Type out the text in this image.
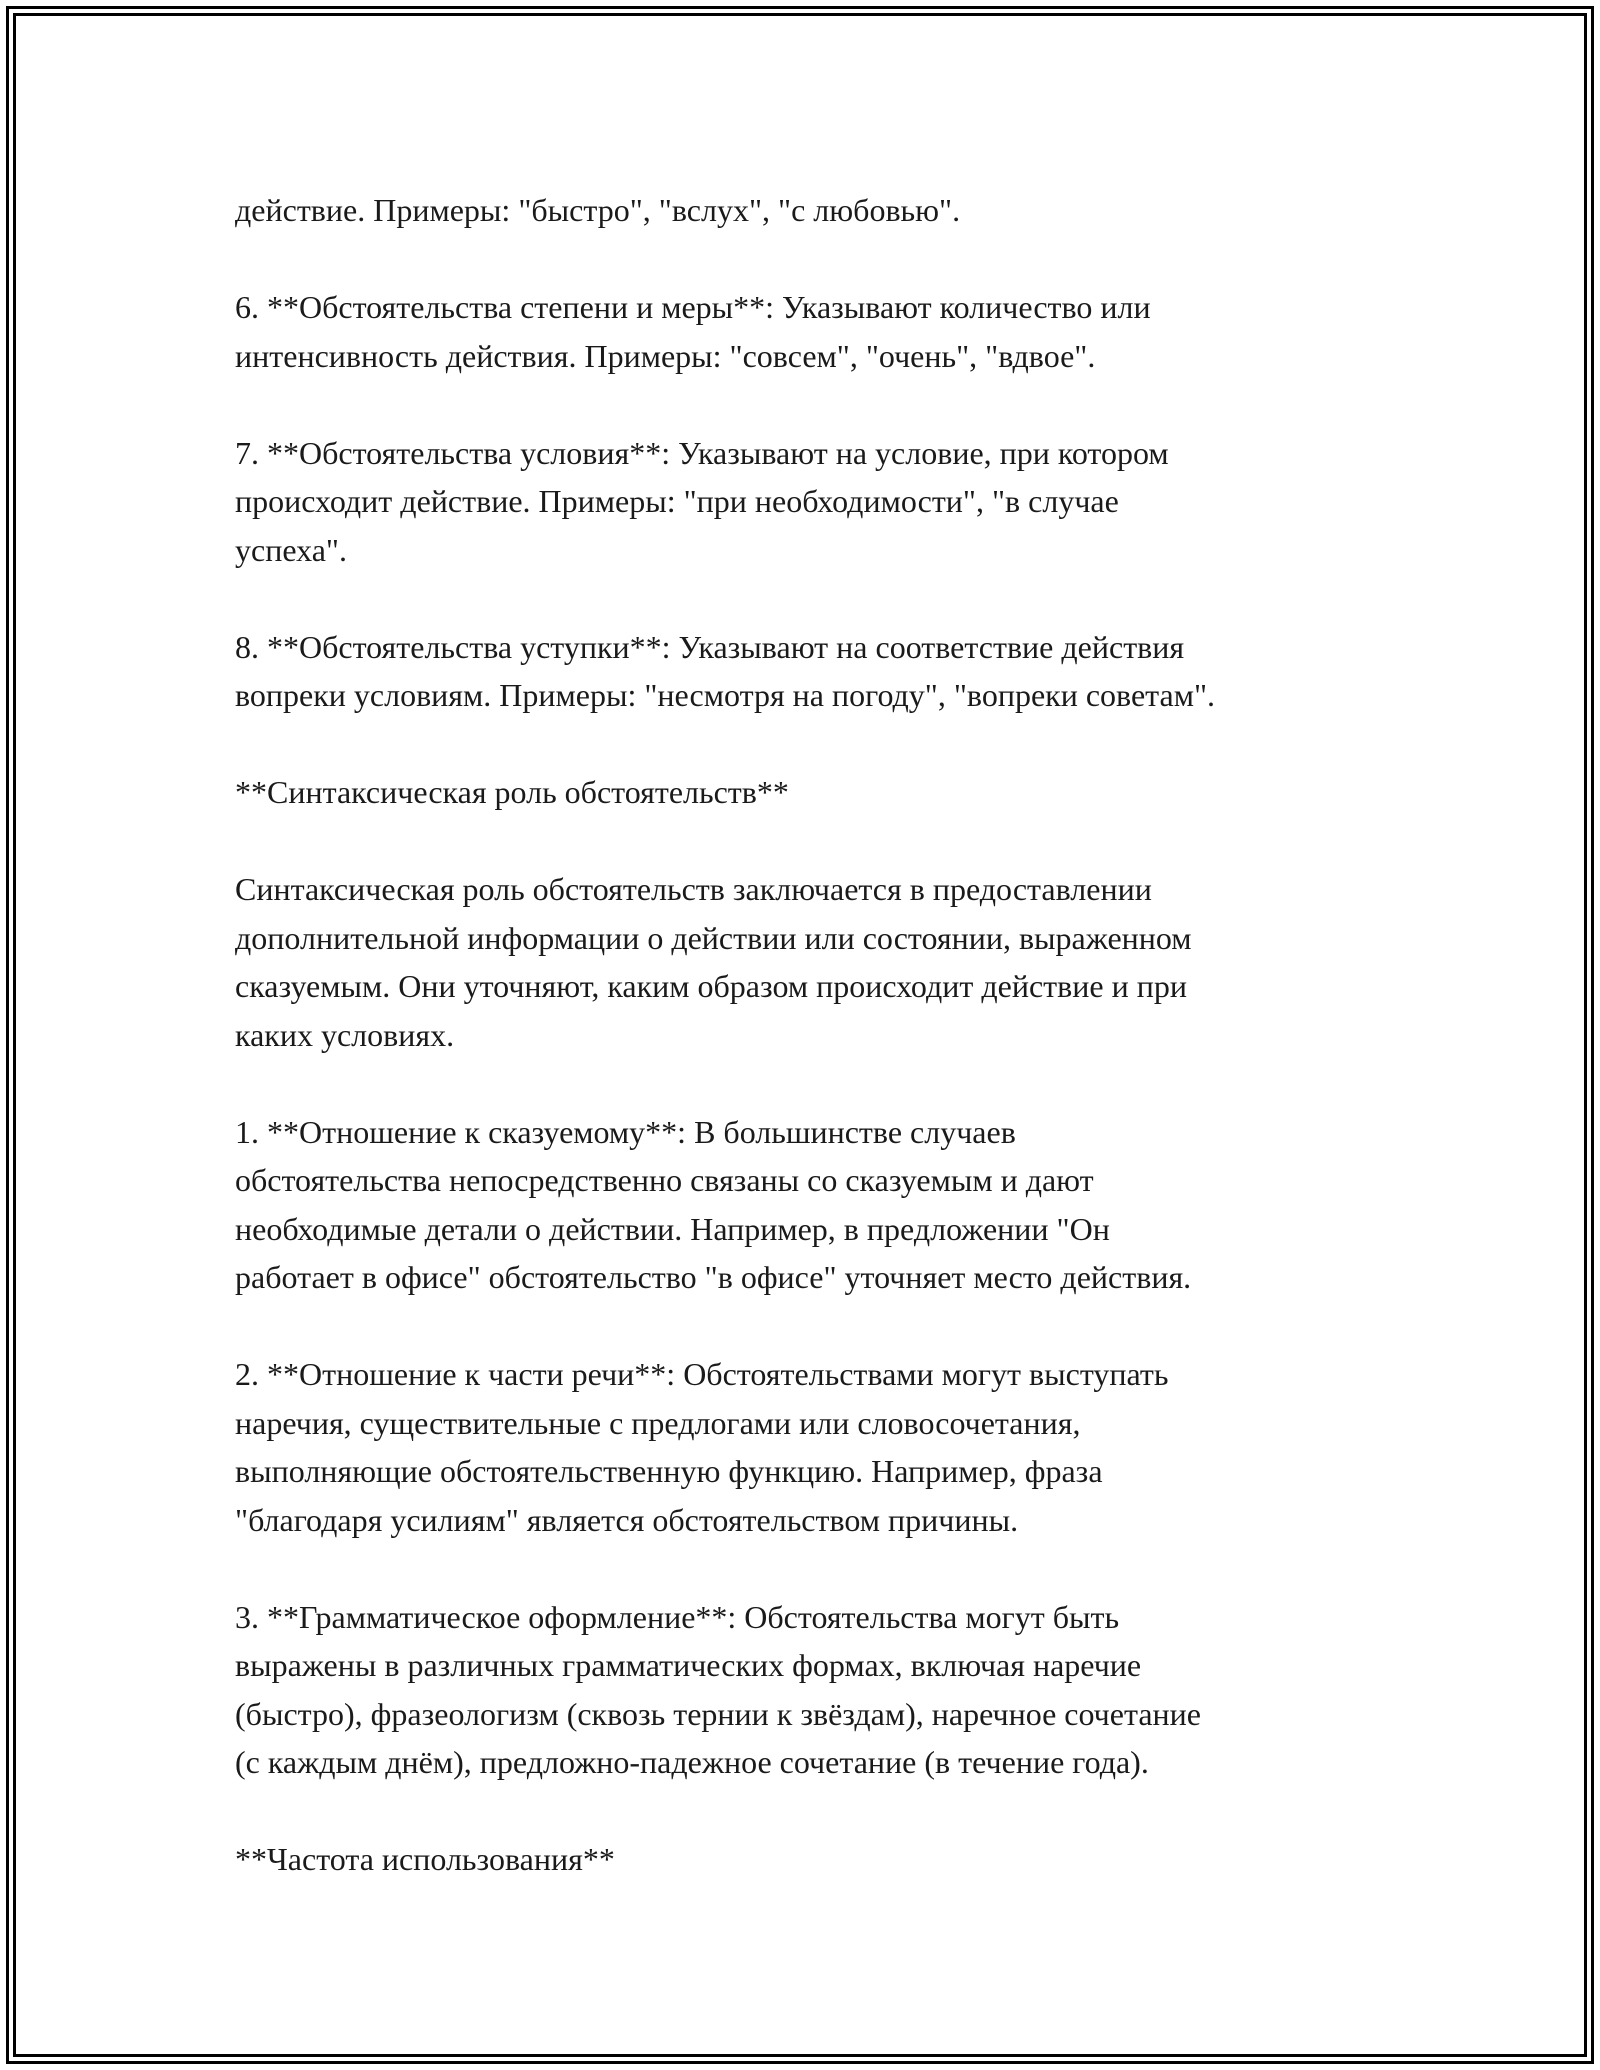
действие. Примеры: "быстро", "вслух", "с любовью".

6. **Обстоятельства степени и меры**: Указывают количество или
интенсивность действия. Примеры: "совсем", "очень", "вдвое".

7. **Обстоятельства условия**: Указывают на условие, при котором
происходит действие. Примеры: "при необходимости", "в случае
успеха".

8. **Обстоятельства уступки**: Указывают на соответствие действия
вопреки условиям. Примеры: "несмотря на погоду", "вопреки советам".

**Синтаксическая роль обстоятельств**

Синтаксическая роль обстоятельств заключается в предоставлении
дополнительной информации о действии или состоянии, выраженном
сказуемым. Они уточняют, каким образом происходит действие и при
каких условиях.

1. **Отношение к сказуемому**: В большинстве случаев
обстоятельства непосредственно связаны со сказуемым и дают
необходимые детали о действии. Например, в предложении "Он
работает в офисе" обстоятельство "в офисе" уточняет место действия.

2. **Отношение к части речи**: Обстоятельствами могут выступать
наречия, существительные с предлогами или словосочетания,
выполняющие обстоятельственную функцию. Например, фраза
"благодаря усилиям" является обстоятельством причины.

3. **Грамматическое оформление**: Обстоятельства могут быть
выражены в различных грамматических формах, включая наречие
(быстро), фразеологизм (сквозь тернии к звёздам), наречное сочетание
(с каждым днём), предложно-падежное сочетание (в течение года).

**Частота использования**
